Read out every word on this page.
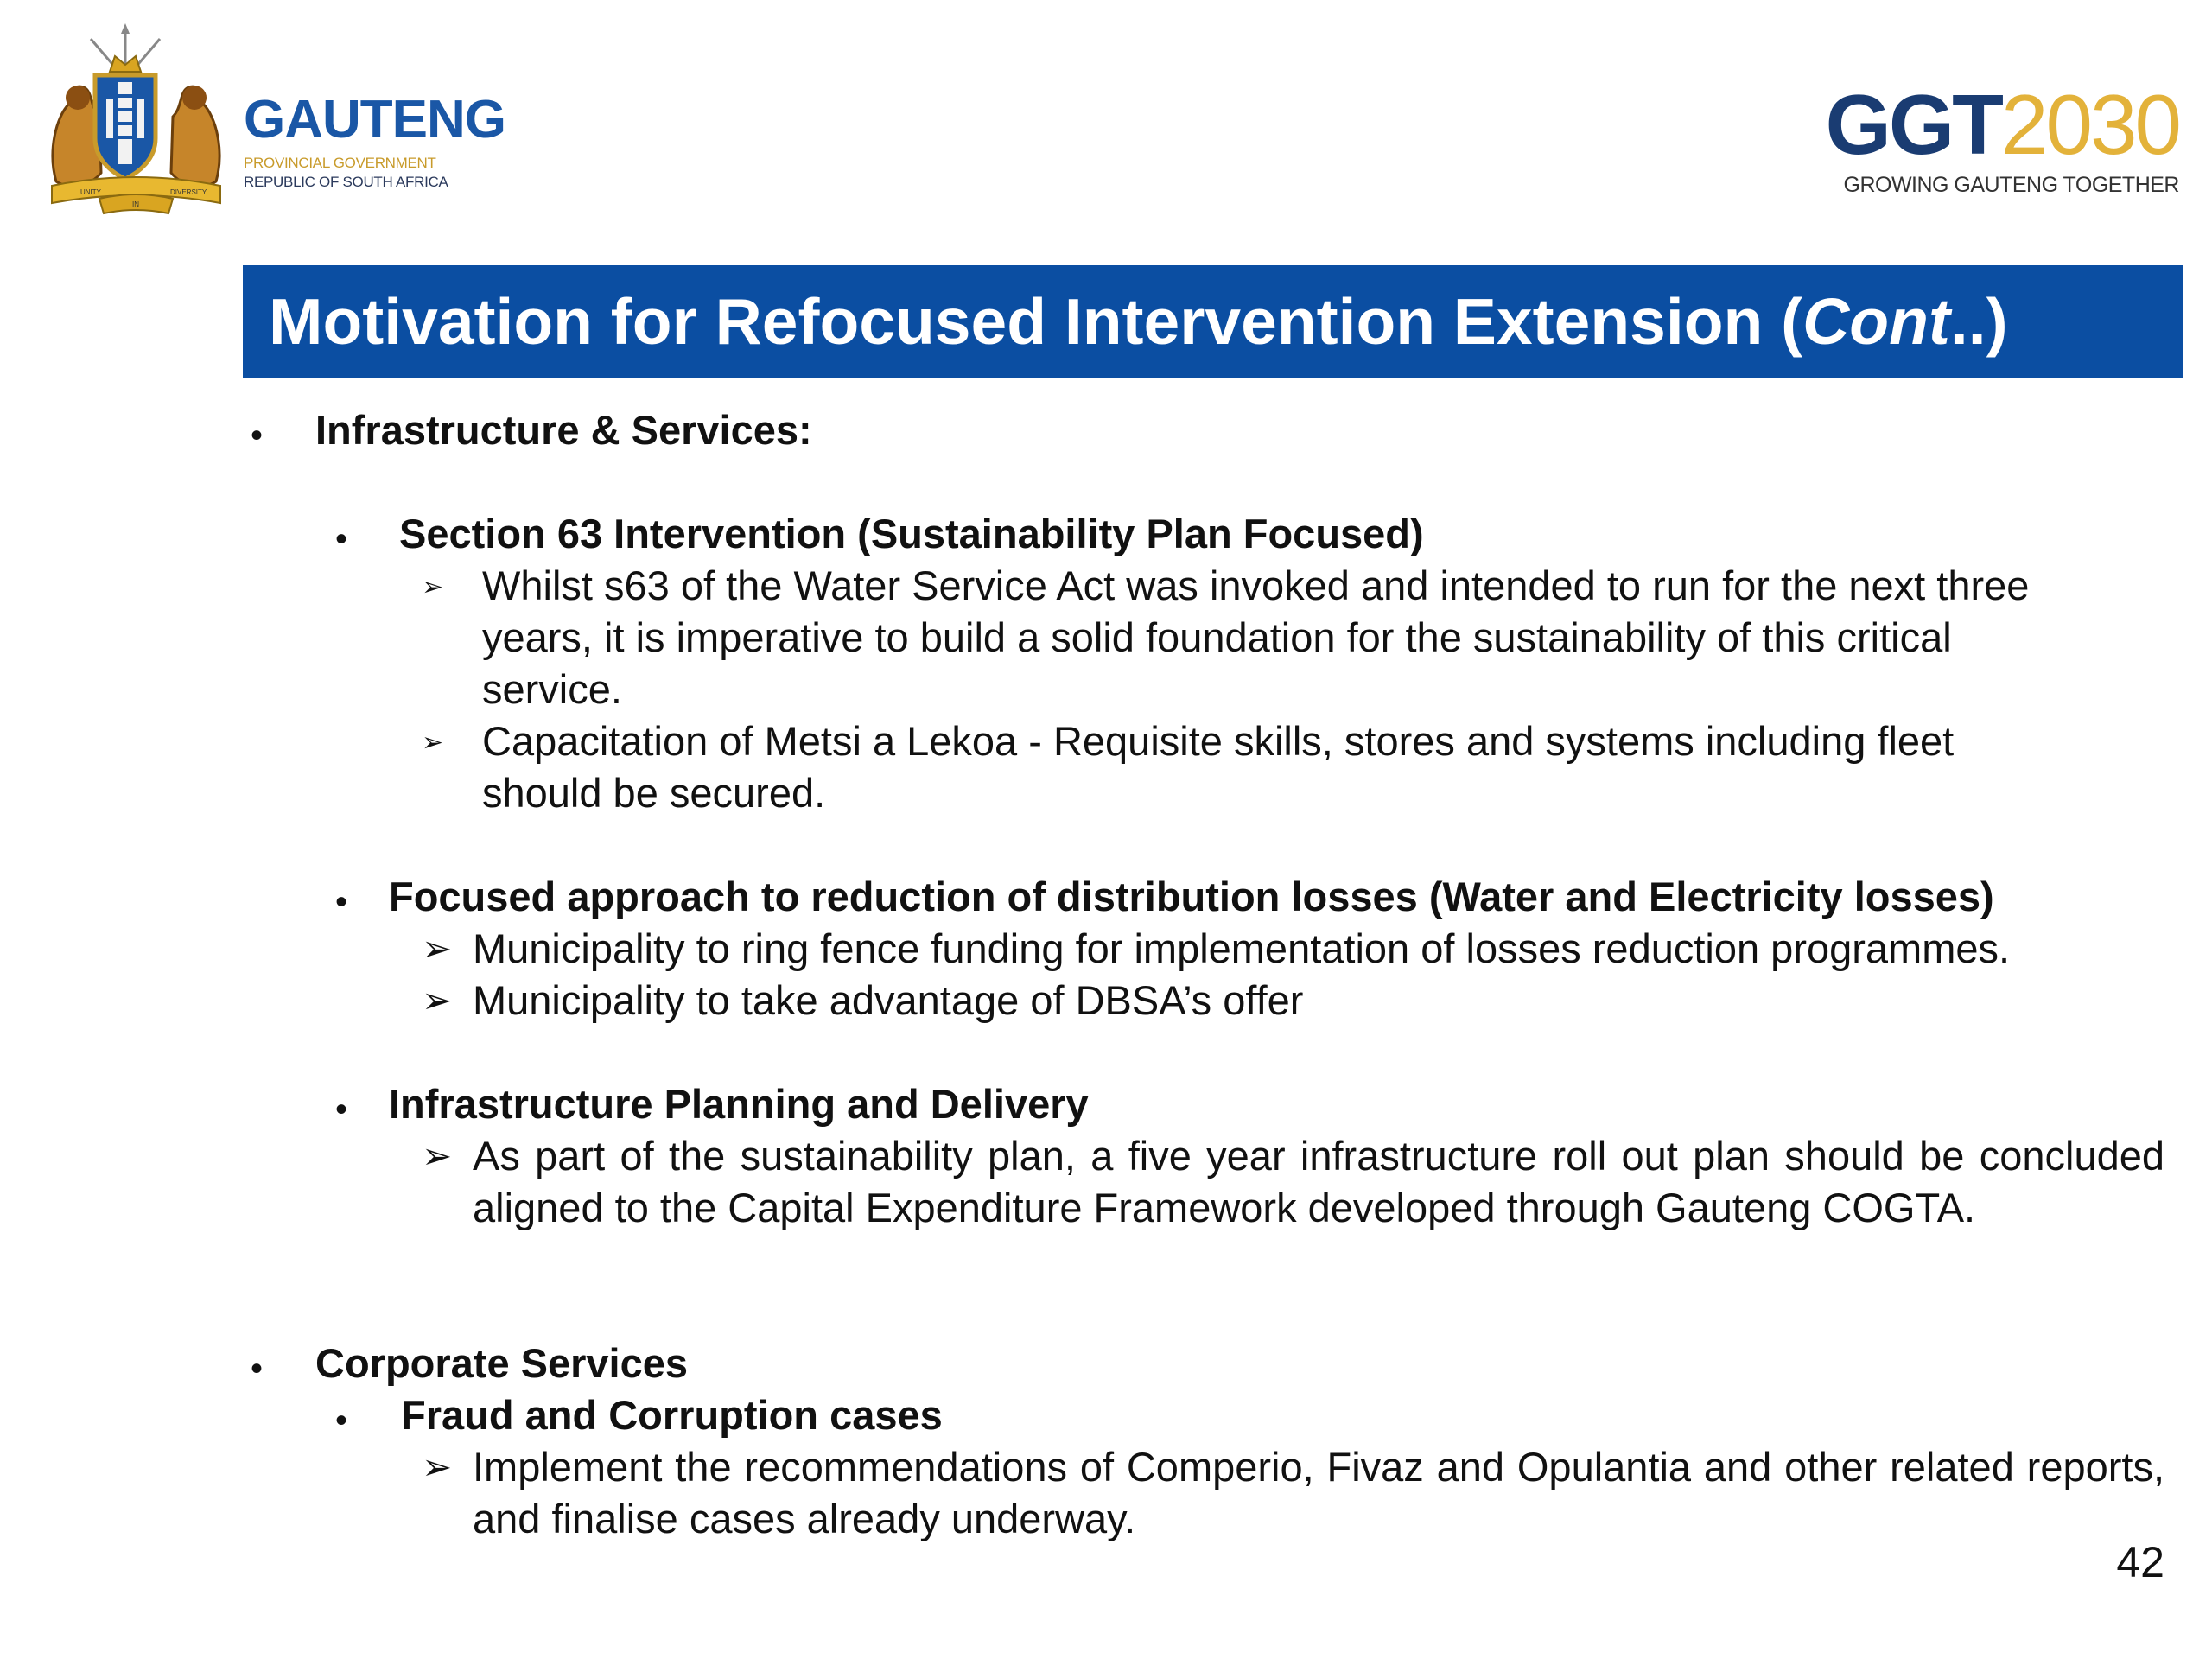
UNITY
IN
DIVERSITY
GAUTENG
PROVINCIAL GOVERNMENT
REPUBLIC OF SOUTH AFRICA
GGT2030
GROWING GAUTENG TOGETHER
Motivation for Refocused Intervention Extension (Cont..)
• Infrastructure & Services:
• Section 63 Intervention (Sustainability Plan Focused)
➢ Whilst s63 of the Water Service Act was invoked and intended to run for the next three
years, it is imperative to build a solid foundation for the sustainability of this critical
service.
➢ Capacitation of Metsi a Lekoa - Requisite skills, stores and systems including fleet
should be secured.
• Focused approach to reduction of distribution losses (Water and Electricity losses)
➢ Municipality to ring fence funding for implementation of losses reduction programmes.
➢ Municipality to take advantage of DBSA’s offer
• Infrastructure Planning and Delivery
➢ As part of the sustainability plan, a five year infrastructure roll out plan should be concluded aligned to the Capital Expenditure Framework developed through Gauteng COGTA.
• Corporate Services
• Fraud and Corruption cases
➢ Implement the recommendations of Comperio, Fivaz and Opulantia and other related reports, and finalise cases already underway.
42
